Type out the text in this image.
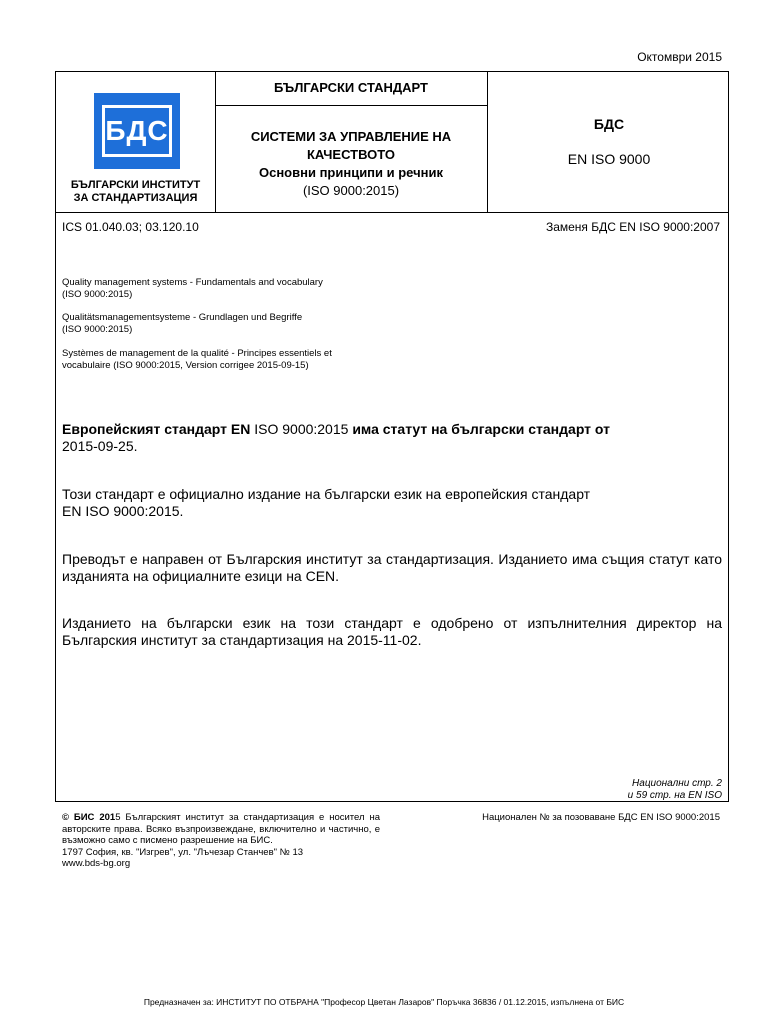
Октомври 2015
БДС
БЪЛГАРСКИ ИНСТИТУТ
ЗА СТАНДАРТИЗАЦИЯ
БЪЛГАРСКИ СТАНДАРТ
СИСТЕМИ ЗА УПРАВЛЕНИЕ НА КАЧЕСТВОТО
Основни принципи и речник
(ISO 9000:2015)
БДС
EN ISO 9000
ICS 01.040.03; 03.120.10	Заменя БДС EN ISO 9000:2007
Quality management systems - Fundamentals and vocabulary
(ISO 9000:2015)
Qualitätsmanagementsysteme - Grundlagen und Begriffe
(ISO 9000:2015)
Systèmes de management de la qualité - Principes essentiels et
vocabulaire (ISO 9000:2015, Version corrigee 2015-09-15)
Европейският стандарт EN ISO 9000:2015 има статут на български стандарт от
2015-09-25.
Този стандарт е официално издание на български език на европейския стандарт
EN ISO 9000:2015.
Преводът е направен от Българския институт за стандартизация. Изданието има същия статут като изданията на официалните езици на CEN.
Изданието на български език на този стандарт е одобрено от изпълнителния директор на Българския институт за стандартизация на 2015-11-02.
Национални стр. 2
и 59 стр. на EN ISO
© БИС 2015 Българският институт за стандартизация е носител на авторските права. Всяко възпроизвеждане, включително и частично, е възможно само с писмено разрешение на БИС.
1797 София, кв. "Изгрев", ул. "Лъчезар Станчев" № 13
www.bds-bg.org
Национален № за позоваване БДС EN ISO 9000:2015
Предназначен за: ИНСТИТУТ ПО ОТБРАНА "Професор Цветан Лазаров" Поръчка 36836 / 01.12.2015, изпълнена от БИС
